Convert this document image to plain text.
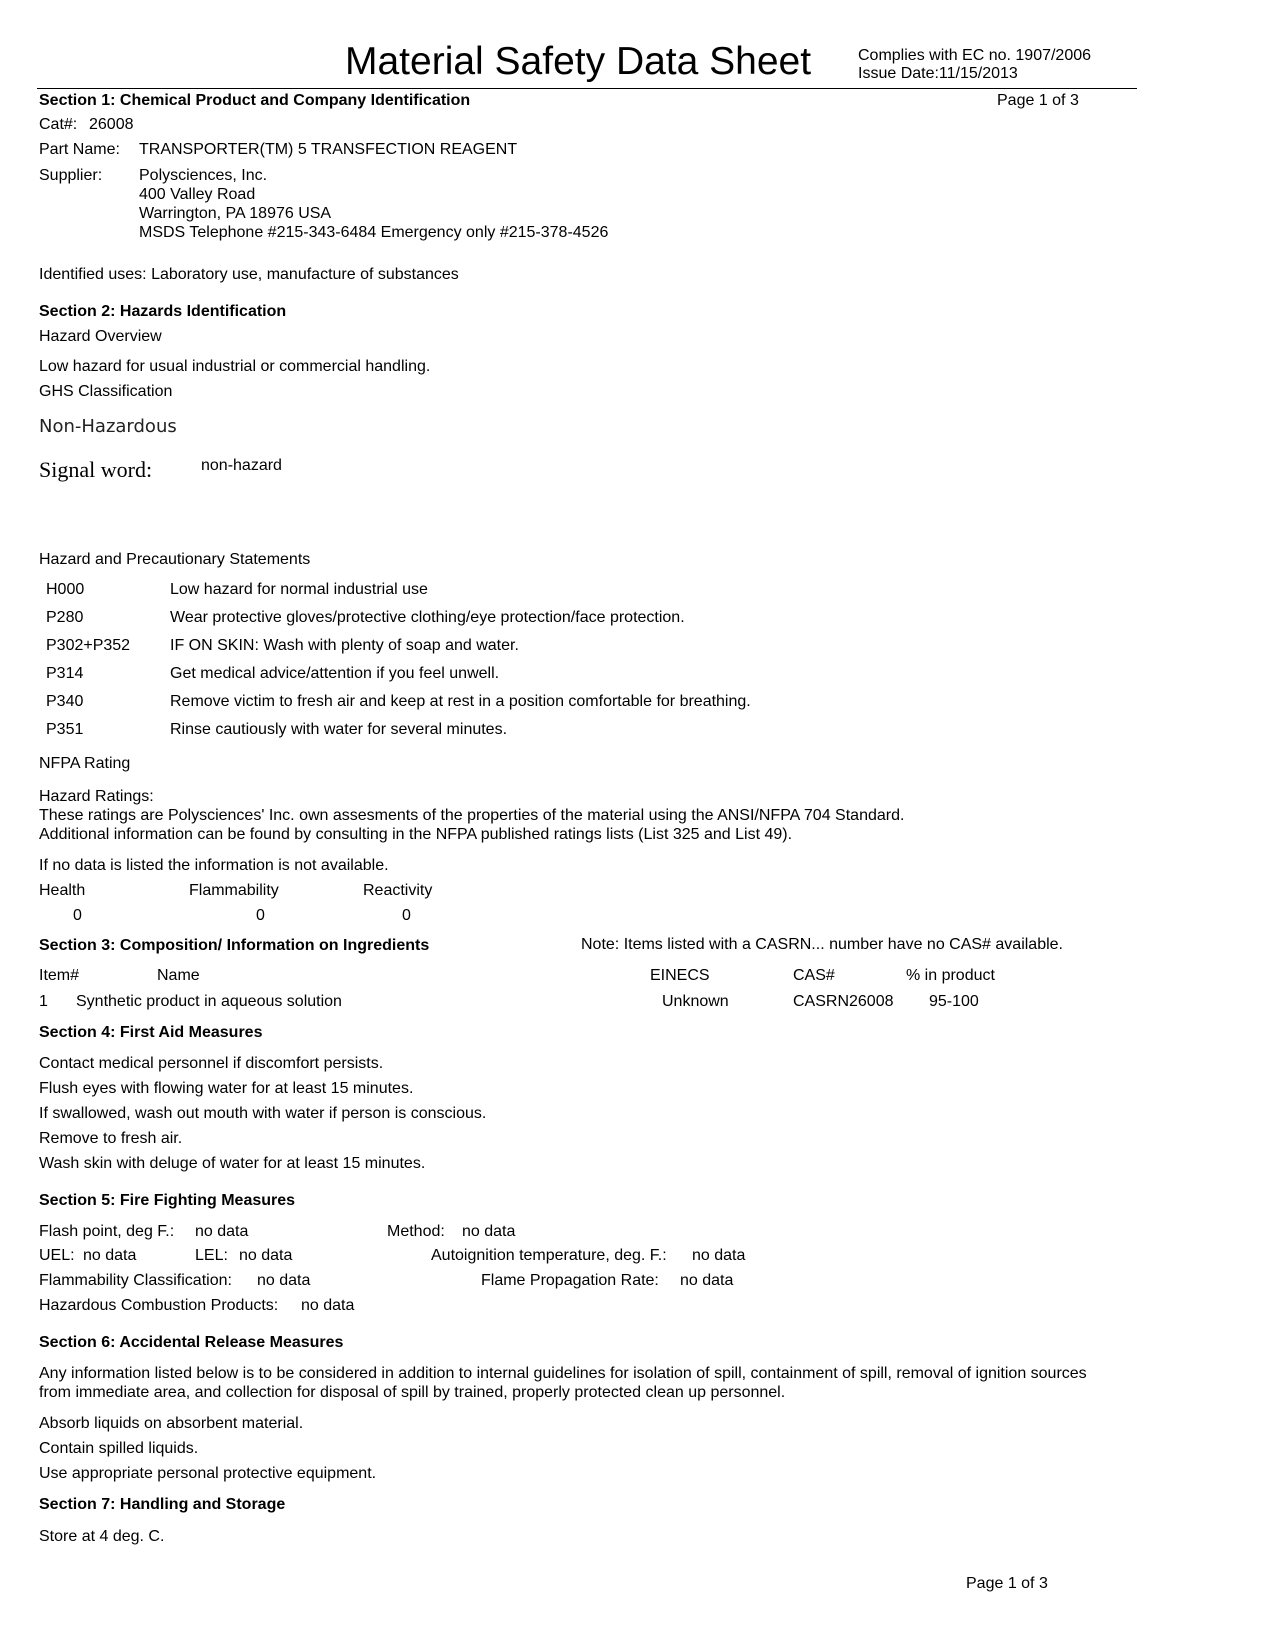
Material Safety Data Sheet	Complies with EC no. 1907/2006
Issue Date:11/15/2013
Section 1: Chemical Product and Company Identification	Page 1 of 3
Cat#: 26008
Part Name: TRANSPORTER(TM) 5 TRANSFECTION REAGENT
Supplier: Polysciences, Inc.
400 Valley Road
Warrington, PA 18976 USA
MSDS Telephone #215-343-6484 Emergency only #215-378-4526
Identified uses: Laboratory use, manufacture of substances
Section 2: Hazards Identification
Hazard Overview
Low hazard for usual industrial or commercial handling.
GHS Classification
Non-Hazardous
Signal word:	non-hazard
Hazard and Precautionary Statements
H000	Low hazard for normal industrial use
P280	Wear protective gloves/protective clothing/eye protection/face protection.
P302+P352 IF ON SKIN: Wash with plenty of soap and water.
P314	Get medical advice/attention if you feel unwell.
P340	Remove victim to fresh air and keep at rest in a position comfortable for breathing.
P351	Rinse cautiously with water for several minutes.
NFPA Rating
Hazard Ratings:
These ratings are Polysciences' Inc. own assesments of the properties of the material using the ANSI/NFPA 704 Standard.
Additional information can be found by consulting in the NFPA published ratings lists (List 325 and List 49).
If no data is listed the information is not available.
Health	Flammability	Reactivity
0	0	0
Section 3: Composition/ Information on Ingredients	Note: Items listed with a CASRN... number have no CAS# available.
Item#	Name	EINECS	CAS#	% in product
1 Synthetic product in aqueous solution	Unknown	CASRN26008 95-100
Section 4: First Aid Measures
Contact medical personnel if discomfort persists.
Flush eyes with flowing water for at least 15 minutes.
If swallowed, wash out mouth with water if person is conscious.
Remove to fresh air.
Wash skin with deluge of water for at least 15 minutes.
Section 5: Fire Fighting Measures
Flash point, deg F.: no data	Method: no data
UEL: no data	LEL: no data	Autoignition temperature, deg. F.: no data
Flammability Classification: no data	Flame Propagation Rate: no data
Hazardous Combustion Products: no data
Section 6: Accidental Release Measures
Any information listed below is to be considered in addition to internal guidelines for isolation of spill, containment of spill, removal of ignition sources
from immediate area, and collection for disposal of spill by trained, properly protected clean up personnel.
Absorb liquids on absorbent material.
Contain spilled liquids.
Use appropriate personal protective equipment.
Section 7: Handling and Storage
Store at 4 deg. C.
Page 1 of 3
